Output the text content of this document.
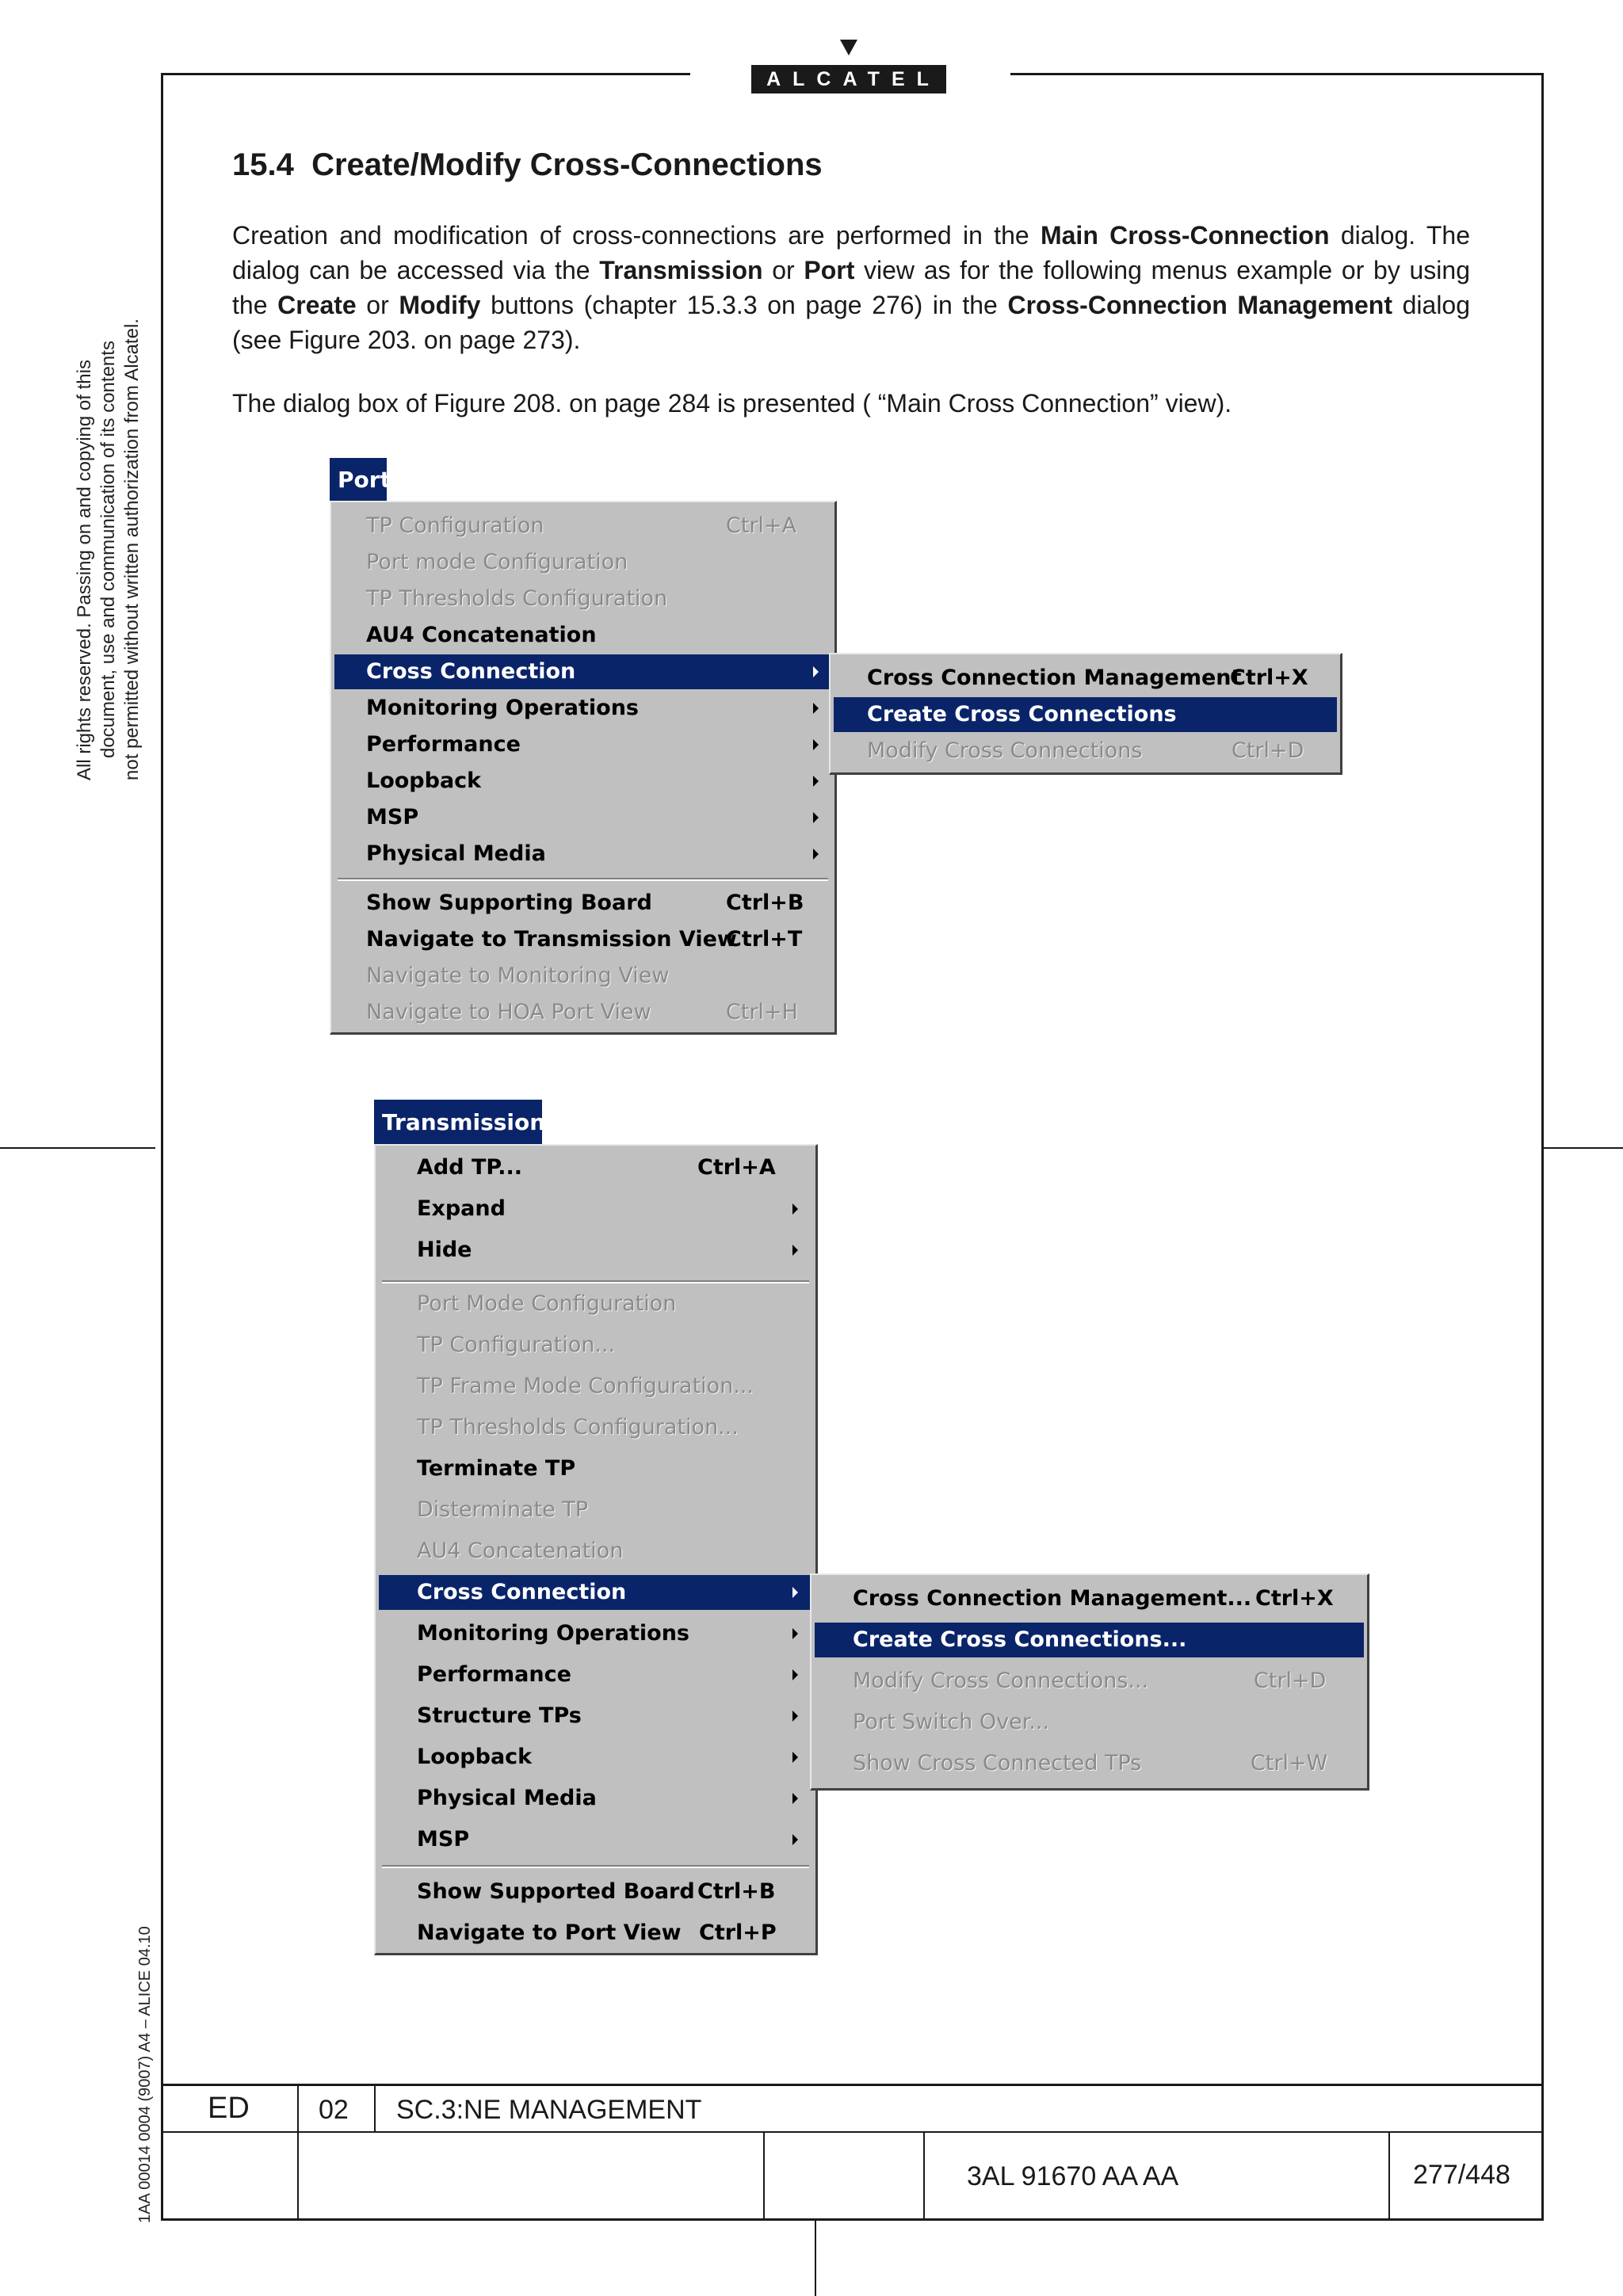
ALCATEL
All rights reserved. Passing on and copying of this document, use and communication of its contents not permitted without written authorization from Alcatel.
1AA 00014 0004 (9007) A4 – ALICE 04.10
15.4 Create/Modify Cross-Connections

Creation and modification of cross-connections are performed in the Main Cross-Connection dialog. The dialog can be accessed via the Transmission or Port view as for the following menus example or by using the Create or Modify buttons (chapter 15.3.3 on page 276) in the Cross-Connection Management dialog (see Figure 203. on page 273).

The dialog box of Figure 208. on page 284 is presented ( “Main Cross Connection” view).

Port
TP Configuration	Ctrl+A
Port mode Configuration
TP Thresholds Configuration
AU4 Concatenation
Cross Connection
Monitoring Operations
Performance
Loopback
MSP
Physical Media
Show Supporting Board	Ctrl+B
Navigate to Transmission View
Ctrl+T
Navigate to Monitoring View
Navigate to HOA Port View	Ctrl+H
Cross Connection Management
Ctrl+X
Create Cross Connections
Modify Cross Connections	Ctrl+D
Transmission
Add TP...	Ctrl+A
Expand
Hide
Port Mode Configuration
TP Configuration...
TP Frame Mode Configuration...
TP Thresholds Configuration...
Terminate TP
Disterminate TP
AU4 Concatenation
Cross Connection
Monitoring Operations
Performance
Structure TPs
Loopback
Physical Media
MSP
Show Supported Board Ctrl+B
Navigate to Port View Ctrl+P
Cross Connection Management... Ctrl+X
Create Cross Connections...
Modify Cross Connections...	Ctrl+D
Port Switch Over...
Show Cross Connected TPs	Ctrl+W
ED	02 SC.3:NE MANAGEMENT
3AL 91670 AA AA	277/448
